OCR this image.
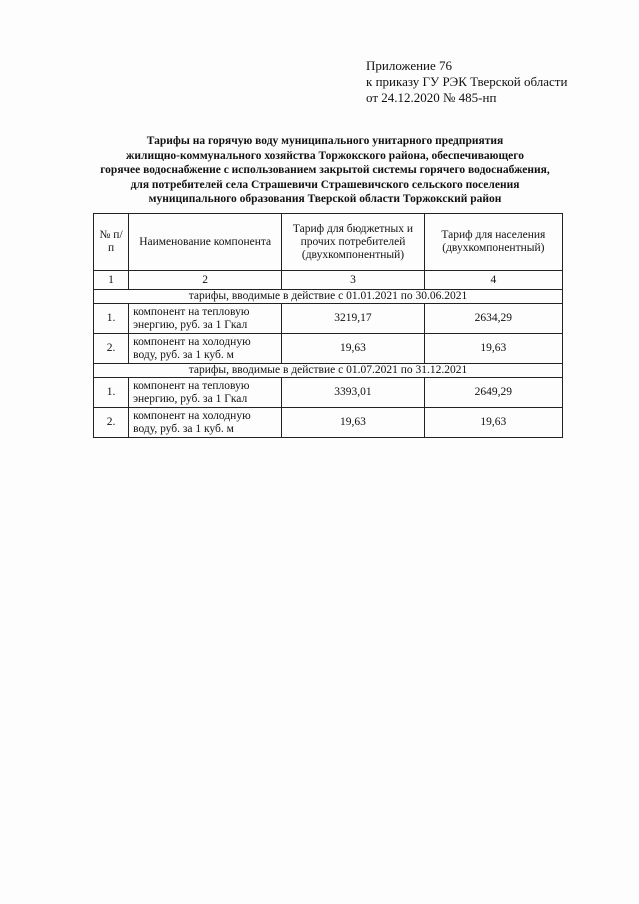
Приложение 76
к приказу ГУ РЭК Тверской области
от 24.12.2020 № 485-нп
Тарифы на горячую воду муниципального унитарного предприятия
жилищно-коммунального хозяйства Торжокского района, обеспечивающего
горячее водоснабжение с использованием закрытой системы горячего водоснабжения,
для потребителей села Страшевичи Страшевичского сельского поселения
муниципального образования Тверской области Торжокский район
№ п/п	Наименование компонента	Тариф для бюджетных и прочих потребителей (двухкомпонентный)	Тариф для населения (двухкомпонентный)
1	2	3	4
тарифы, вводимые в действие с 01.01.2021 по 30.06.2021			
1.	компонент на тепловую энергию, руб. за 1 Гкал	3219,17	2634,29
2.	компонент на холодную воду, руб. за 1 куб. м	19,63	19,63
тарифы, вводимые в действие с 01.07.2021 по 31.12.2021			
1.	компонент на тепловую энергию, руб. за 1 Гкал	3393,01	2649,29
2.	компонент на холодную воду, руб. за 1 куб. м	19,63	19,63
